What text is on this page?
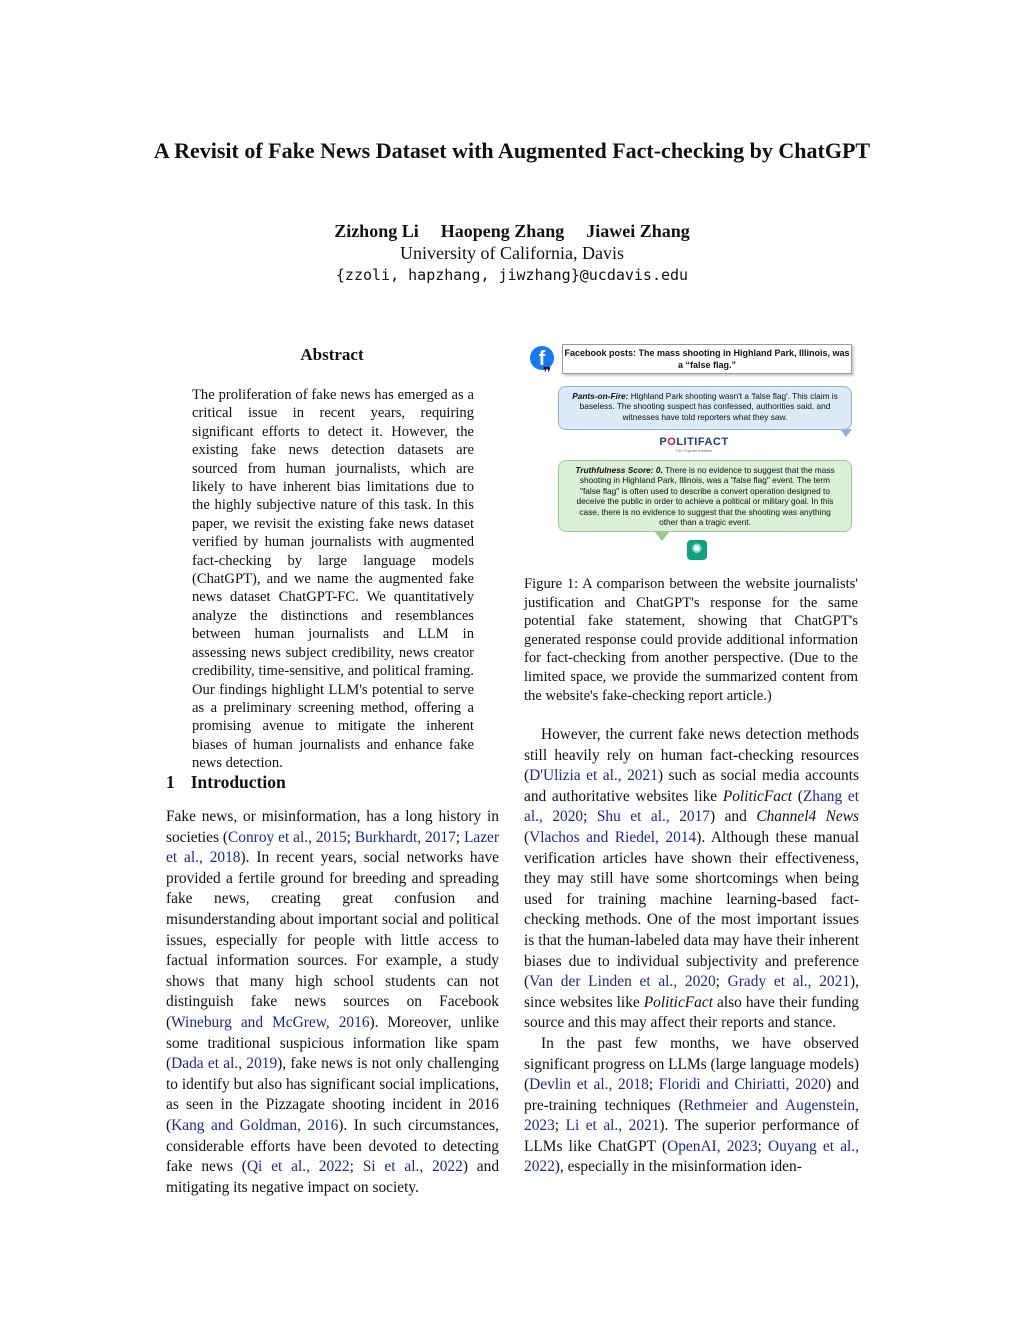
A Revisit of Fake News Dataset with Augmented Fact-checking by ChatGPT
Zizhong Li Haopeng Zhang Jiawei Zhang
University of California, Davis
{zzoli, hapzhang, jiwzhang}@ucdavis.edu
Abstract

The proliferation of fake news has emerged as a critical issue in recent years, requiring significant efforts to detect it. However, the existing fake news detection datasets are sourced from human journalists, which are likely to have inherent bias limitations due to the highly subjective nature of this task. In this paper, we revisit the existing fake news dataset verified by human journalists with augmented fact-checking by large language models (ChatGPT), and we name the augmented fake news dataset ChatGPT-FC. We quantitatively analyze the distinctions and resemblances between human journalists and LLM in assessing news subject credibility, news creator credibility, time-sensitive, and political framing. Our findings highlight LLM's potential to serve as a preliminary screening method, offering a promising avenue to mitigate the inherent biases of human journalists and enhance fake news detection.

1 Introduction

Fake news, or misinformation, has a long history in societies (Conroy et al., 2015; Burkhardt, 2017; Lazer et al., 2018). In recent years, social networks have provided a fertile ground for breeding and spreading fake news, creating great confusion and misunderstanding about important social and political issues, especially for people with little access to factual information sources. For example, a study shows that many high school students can not distinguish fake news sources on Facebook (Wineburg and McGrew, 2016). Moreover, unlike some traditional suspicious information like spam (Dada et al., 2019), fake news is not only challenging to identify but also has significant social implications, as seen in the Pizzagate shooting incident in 2016 (Kang and Goldman, 2016). In such circumstances, considerable efforts have been devoted to detecting fake news (Qi et al., 2022; Si et al., 2022) and mitigating its negative impact on society.

f
❞
Facebook posts: The mass shooting in Highland Park, Illinois, was a “false flag.”
Pants-on-Fire: Highland Park shooting wasn't a 'false flag'. This claim is baseless. The shooting suspect has confessed, authorities said, and witnesses have told reporters what they saw.
POLITIFACT
The Poynter Institute
Truthfulness Score: 0. There is no evidence to suggest that the mass shooting in Highland Park, Illinois, was a "false flag" event. The term "false flag" is often used to describe a convert operation designed to deceive the public in order to achieve a political or military goal. In this case, there is no evidence to suggest that the shooting was anything other than a tragic event.
✺

Figure 1: A comparison between the website journalists' justification and ChatGPT's response for the same potential fake statement, showing that ChatGPT's generated response could provide additional information for fact-checking from another perspective. (Due to the limited space, we provide the summarized content from the website's fake-checking report article.)

However, the current fake news detection methods still heavily rely on human fact-checking resources (D'Ulizia et al., 2021) such as social media accounts and authoritative websites like PoliticFact (Zhang et al., 2020; Shu et al., 2017) and Channel4 News (Vlachos and Riedel, 2014). Although these manual verification articles have shown their effectiveness, they may still have some shortcomings when being used for training machine learning-based fact-checking methods. One of the most important issues is that the human-labeled data may have their inherent biases due to individual subjectivity and preference (Van der Linden et al., 2020; Grady et al., 2021), since websites like PoliticFact also have their funding source and this may affect their reports and stance.

In the past few months, we have observed significant progress on LLMs (large language models) (Devlin et al., 2018; Floridi and Chiriatti, 2020) and pre-training techniques (Rethmeier and Augenstein, 2023; Li et al., 2021). The superior performance of LLMs like ChatGPT (OpenAI, 2023; Ouyang et al., 2022), especially in the misinformation iden-
